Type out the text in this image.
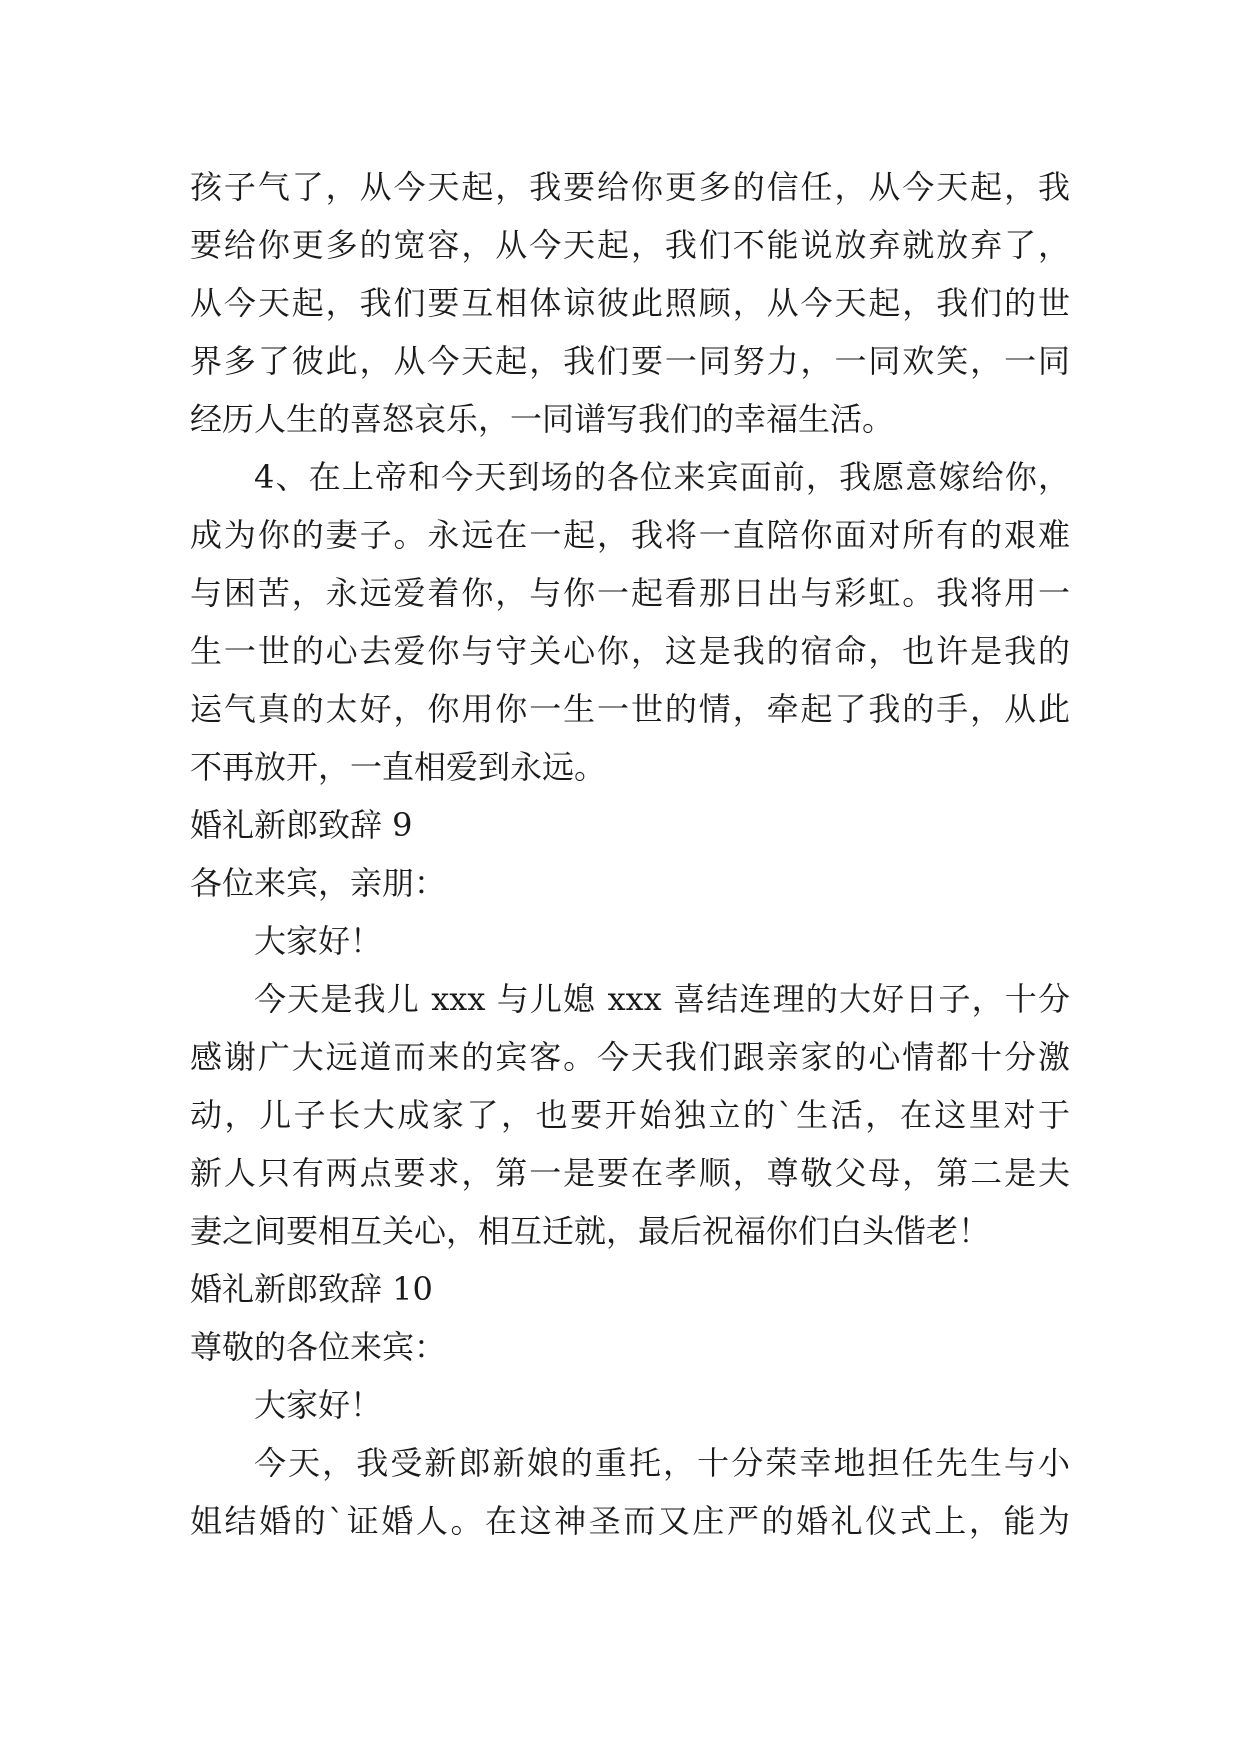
孩子气了，从今天起，我要给你更多的信任，从今天起，我
要给你更多的宽容，从今天起，我们不能说放弃就放弃了，
从今天起，我们要互相体谅彼此照顾，从今天起，我们的世
界多了彼此，从今天起，我们要一同努力，一同欢笑，一同
经历人生的喜怒哀乐，一同谱写我们的幸福生活。
4、在上帝和今天到场的各位来宾面前，我愿意嫁给你，
成为你的妻子。永远在一起，我将一直陪你面对所有的艰难
与困苦，永远爱着你，与你一起看那日出与彩虹。我将用一
生一世的心去爱你与守关心你，这是我的宿命，也许是我的
运气真的太好，你用你一生一世的情，牵起了我的手，从此
不再放开，一直相爱到永远。
婚礼新郎致辞 9
各位来宾，亲朋：
大家好！
今天是我儿 xxx 与儿媳 xxx 喜结连理的大好日子，十分
感谢广大远道而来的宾客。今天我们跟亲家的心情都十分激
动，儿子长大成家了，也要开始独立的`生活，在这里对于
新人只有两点要求，第一是要在孝顺，尊敬父母，第二是夫
妻之间要相互关心，相互迁就，最后祝福你们白头偕老！
婚礼新郎致辞 10
尊敬的各位来宾：
大家好！
今天，我受新郎新娘的重托，十分荣幸地担任先生与小
姐结婚的`证婚人。在这神圣而又庄严的婚礼仪式上，能为
